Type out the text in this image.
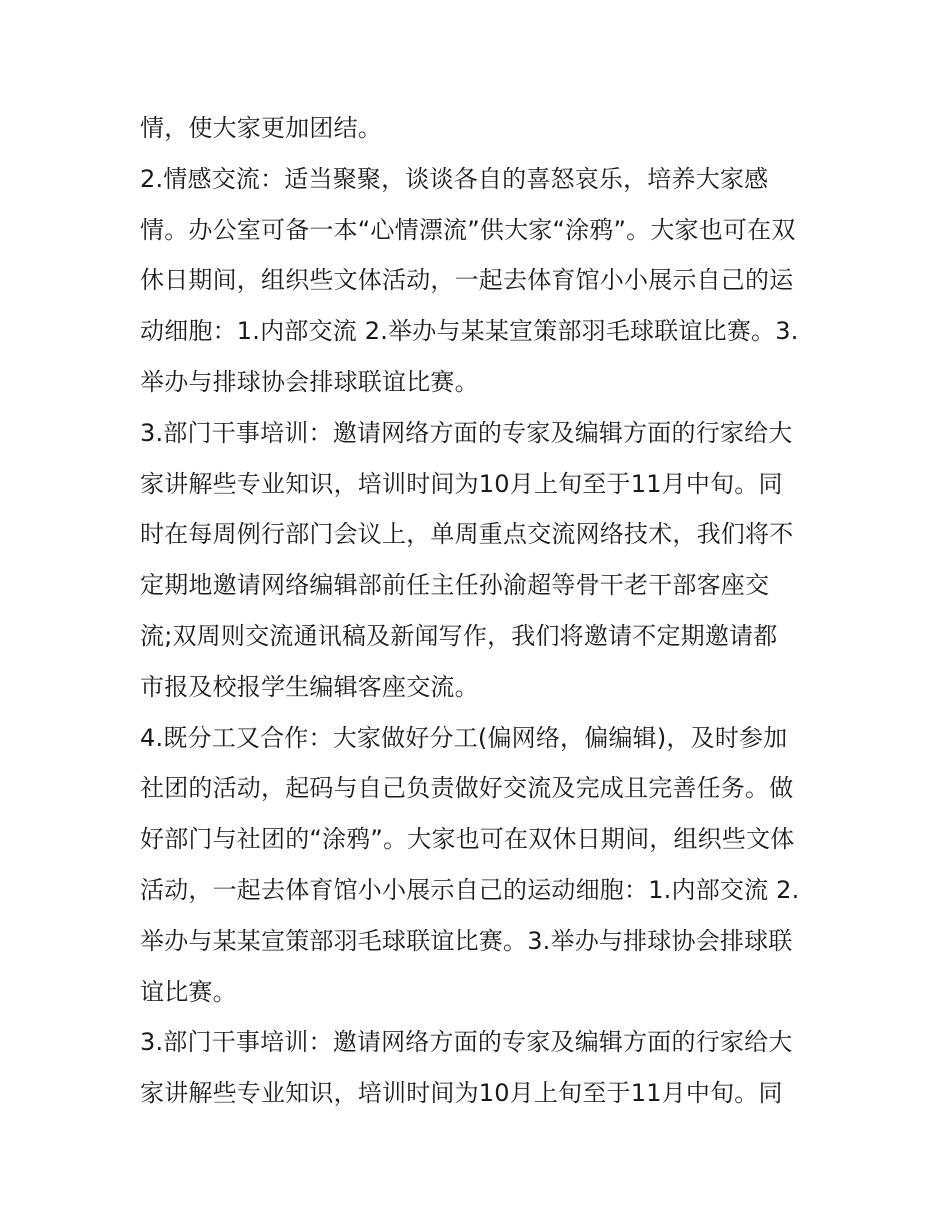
情，使大家更加团结。
2.情感交流：适当聚聚，谈谈各自的喜怒哀乐，培养大家感
情。办公室可备一本“心情漂流”供大家“涂鸦”。大家也可在双
休日期间，组织些文体活动，一起去体育馆小小展示自己的运
动细胞：1.内部交流 2.举办与某某宣策部羽毛球联谊比赛。3.
举办与排球协会排球联谊比赛。
3.部门干事培训：邀请网络方面的专家及编辑方面的行家给大
家讲解些专业知识，培训时间为10月上旬至于11月中旬。同
时在每周例行部门会议上，单周重点交流网络技术，我们将不
定期地邀请网络编辑部前任主任孙渝超等骨干老干部客座交
流;双周则交流通讯稿及新闻写作，我们将邀请不定期邀请都
市报及校报学生编辑客座交流。
4.既分工又合作：大家做好分工(偏网络，偏编辑)，及时参加
社团的活动，起码与自己负责做好交流及完成且完善任务。做
好部门与社团的“涂鸦”。大家也可在双休日期间，组织些文体
活动，一起去体育馆小小展示自己的运动细胞：1.内部交流 2.
举办与某某宣策部羽毛球联谊比赛。3.举办与排球协会排球联
谊比赛。
3.部门干事培训：邀请网络方面的专家及编辑方面的行家给大
家讲解些专业知识，培训时间为10月上旬至于11月中旬。同
